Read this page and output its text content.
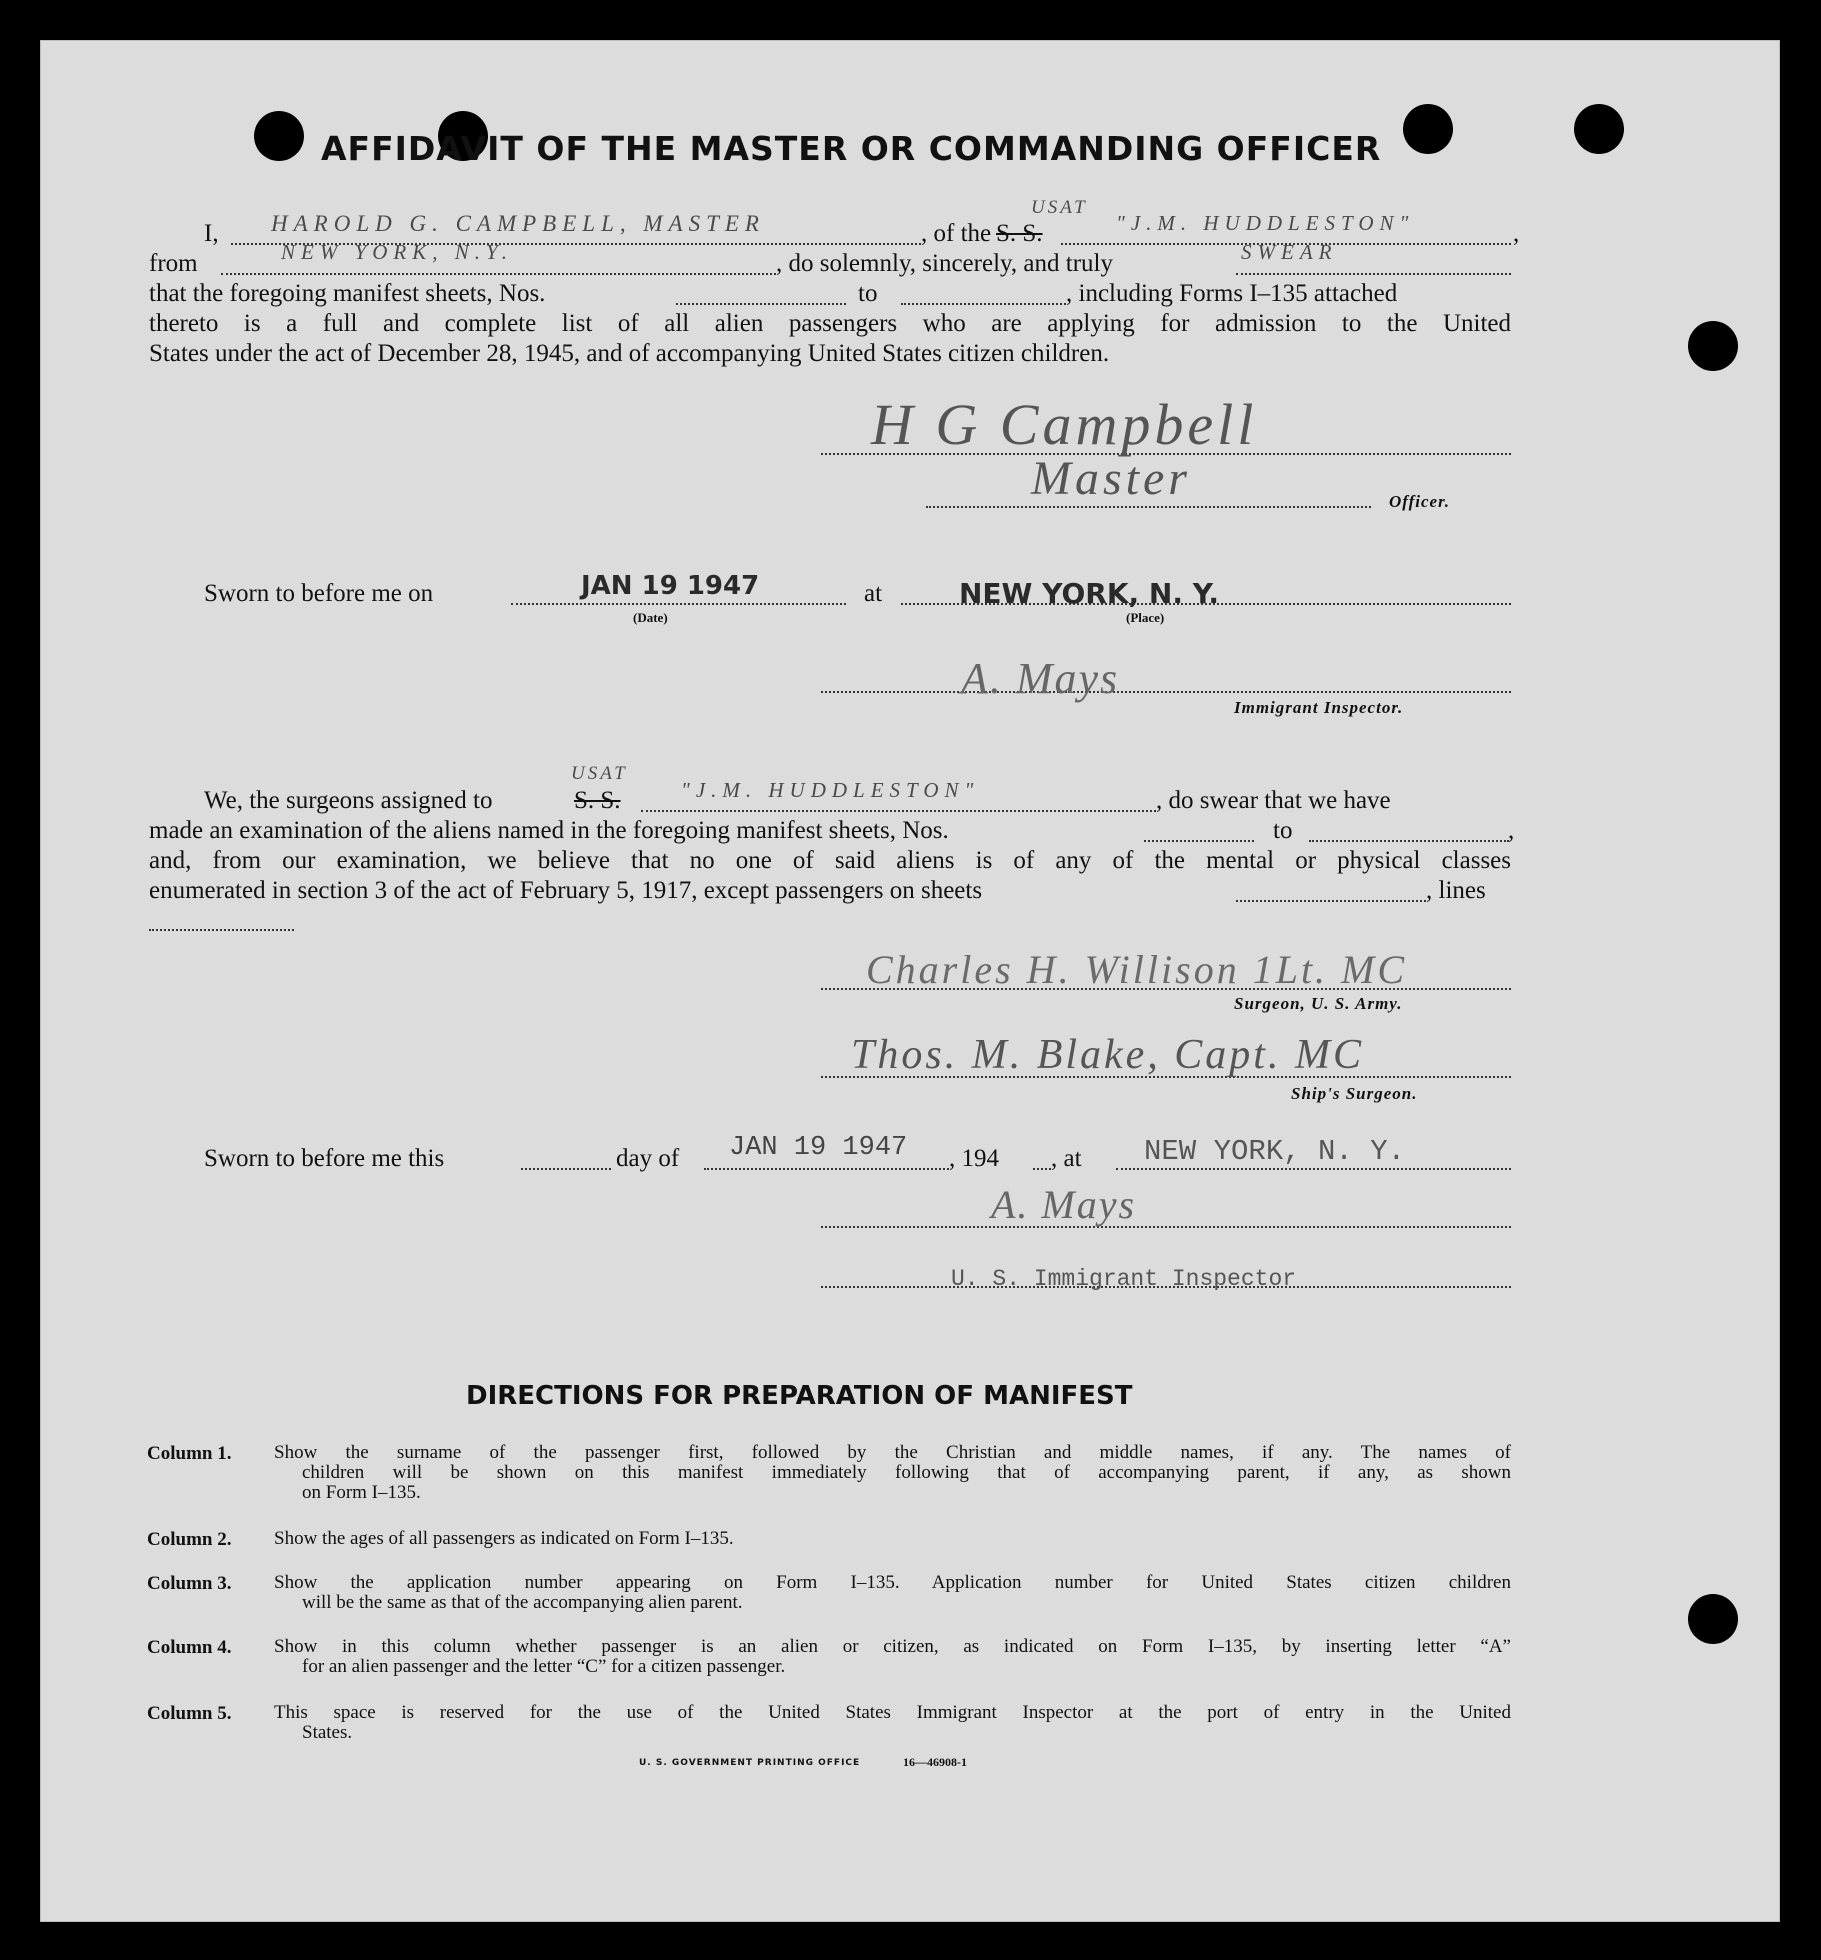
AFFIDAVIT OF THE MASTER OR COMMANDING OFFICER
USAT
I, HAROLD G. CAMPBELL, MASTER	, of the S. S.	"J.M. HUDDLESTON"	,
from	NEW YORK, N.Y.	, do solemnly, sincerely, and truly	SWEAR
that the foregoing manifest sheets, Nos.	to	, including Forms I–135 attached
thereto is a full and complete list of all alien passengers who are applying for admission to the United
States under the act of December 28, 1945, and of accompanying United States citizen children.
H G Campbell
Master	Officer.
Sworn to before me on	JAN 19 1947	at	NEW YORK, N. Y.
(Date)	(Place)
A. Mays
Immigrant Inspector.
USAT
We, the surgeons assigned to	S. S.	"J.M. HUDDLESTON"	, do swear that we have
made an examination of the aliens named in the foregoing manifest sheets, Nos.	to	,
and, from our examination, we believe that no one of said aliens is of any of the mental or physical classes
enumerated in section 3 of the act of February 5, 1917, except passengers on sheets	, lines
Charles H. Willison 1Lt. MC
Surgeon, U. S. Army.
Thos. M. Blake, Capt. MC
Ship's Surgeon.
Sworn to before me this	day of JAN 19 1947 , 194 , at NEW YORK, N. Y.
A. Mays
U. S. Immigrant Inspector
DIRECTIONS FOR PREPARATION OF MANIFEST
Column 1. Show the surname of the passenger first, followed by the Christian and middle names, if any. The names of
children will be shown on this manifest immediately following that of accompanying parent, if any, as shown
on Form I–135.
Column 2. Show the ages of all passengers as indicated on Form I–135.
Column 3. Show the application number appearing on Form I–135. Application number for United States citizen children
will be the same as that of the accompanying alien parent.
Column 4. Show in this column whether passenger is an alien or citizen, as indicated on Form I–135, by inserting letter “A”
for an alien passenger and the letter “C” for a citizen passenger.
Column 5. This space is reserved for the use of the United States Immigrant Inspector at the port of entry in the United
States.
U. S. GOVERNMENT PRINTING OFFICE	16—46908-1
